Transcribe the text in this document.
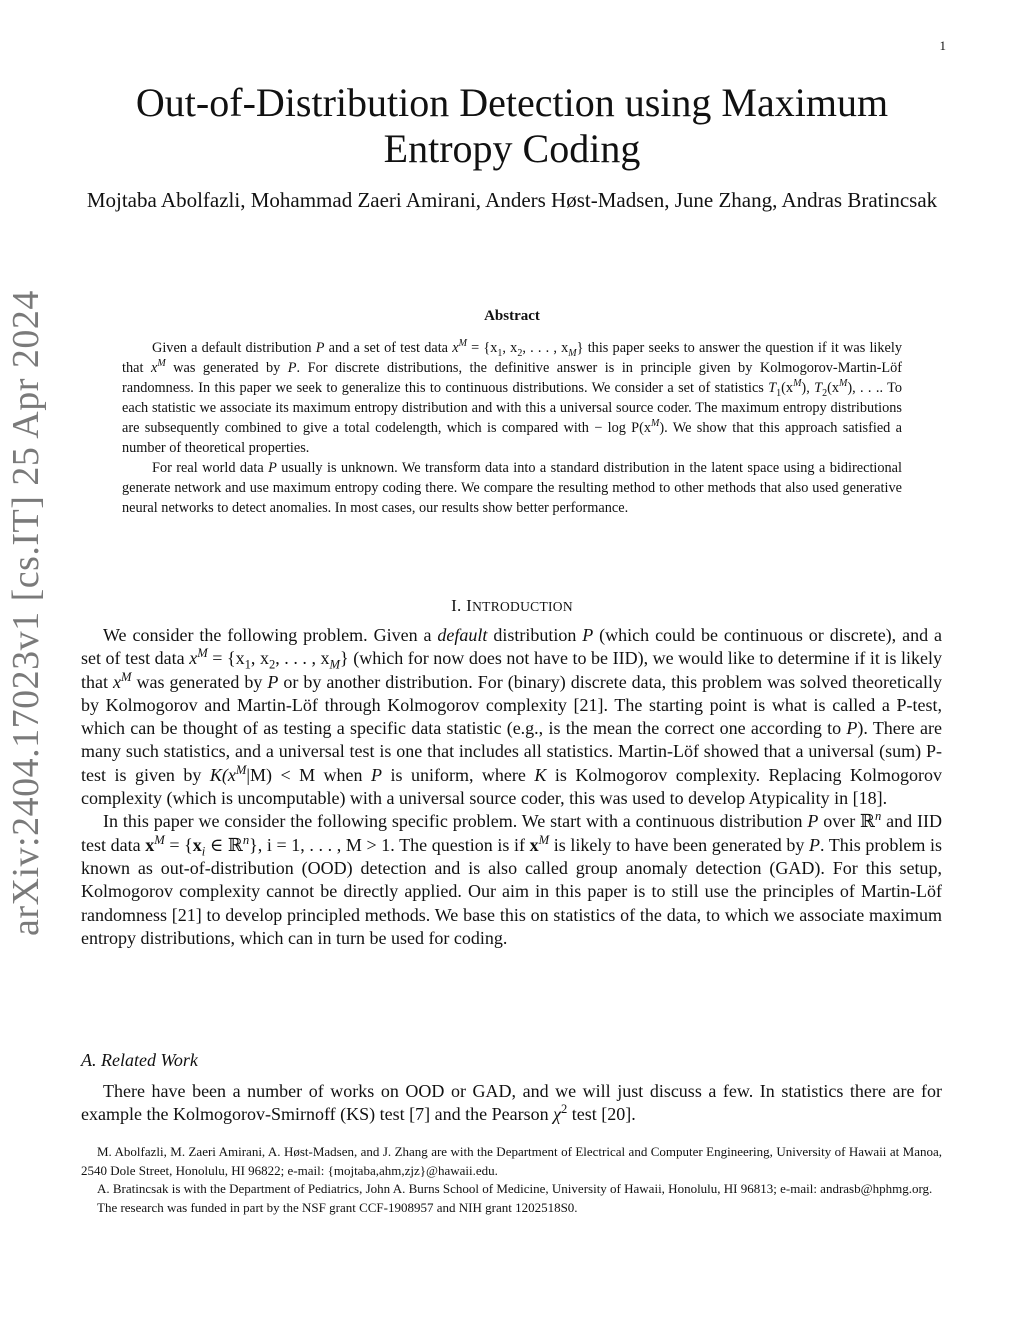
1
arXiv:2404.17023v1 [cs.IT] 25 Apr 2024
Out-of-Distribution Detection using Maximum Entropy Coding
Mojtaba Abolfazli, Mohammad Zaeri Amirani, Anders Høst-Madsen, June Zhang, Andras Bratincsak
Abstract

Given a default distribution P and a set of test data $x^M = \{x_1$, $x_2$, . . . , $x_M$} this paper seeks to answer the question if it was likely that $x^M$ was generated by P. For discrete distributions, the definitive answer is in principle given by Kolmogorov-Martin-Löf randomness. In this paper we seek to generalize this to continuous distributions. We consider a set of statistics $T_1(x^M)$, $T_2(x^M)$, . . .. To each statistic we associate its maximum entropy distribution and with this a universal source coder. The maximum entropy distributions are subsequently combined to give a total codelength, which is compared with − $\log P(x^M)$. We show that this approach satisfied a number of theoretical properties.

For real world data P usually is unknown. We transform data into a standard distribution in the latent space using a bidirectional generate network and use maximum entropy coding there. We compare the resulting method to other methods that also used generative neural networks to detect anomalies. In most cases, our results show better performance.

I. INTRODUCTION

We consider the following problem. Given a default distribution P (which could be continuous or discrete), and a set of test data $x^M = \{x_1$, $x_2$, . . . , $x_M$} (which for now does not have to be IID), we would like to determine if it is likely that $x^M$ was generated by P or by another distribution. For (binary) discrete data, this problem was solved theoretically by Kolmogorov and Martin-Löf through Kolmogorov complexity [21]. The starting point is what is called a P-test, which can be thought of as testing a specific data statistic (e.g., is the mean the correct one according to P). There are many such statistics, and a universal test is one that includes all statistics. Martin-Löf showed that a universal (sum) P-test is given by $K(x^M|M) < M$ when P is uniform, where K is Kolmogorov complexity. Replacing Kolmogorov complexity (which is uncomputable) with a universal source coder, this was used to develop Atypicality in [18].

In this paper we consider the following specific problem. We start with a continuous distribution P over ℝ$^n$ and IID test data $x^M = \{x_i$ ∈ ℝ$^n$}, i = 1, . . . , M > 1. The question is if $x^M$ is likely to have been generated by P. This problem is known as out-of-distribution (OOD) detection and is also called group anomaly detection (GAD). For this setup, Kolmogorov complexity cannot be directly applied. Our aim in this paper is to still use the principles of Martin-Löf randomness [21] to develop principled methods. We base this on statistics of the data, to which we associate maximum entropy distributions, which can in turn be used for coding.

A. Related Work

There have been a number of works on OOD or GAD, and we will just discuss a few. In statistics there are for example the Kolmogorov-Smirnoff (KS) test [7] and the Pearson $\chi^2$ test [20].

M. Abolfazli, M. Zaeri Amirani, A. Høst-Madsen, and J. Zhang are with the Department of Electrical and Computer Engineering, University of Hawaii at Manoa, 2540 Dole Street, Honolulu, HI 96822; e-mail: {mojtaba,ahm,zjz}@hawaii.edu.

A. Bratincsak is with the Department of Pediatrics, John A. Burns School of Medicine, University of Hawaii, Honolulu, HI 96813; e-mail: andrasb@hphmg.org.

The research was funded in part by the NSF grant CCF-1908957 and NIH grant 1202518S0.
